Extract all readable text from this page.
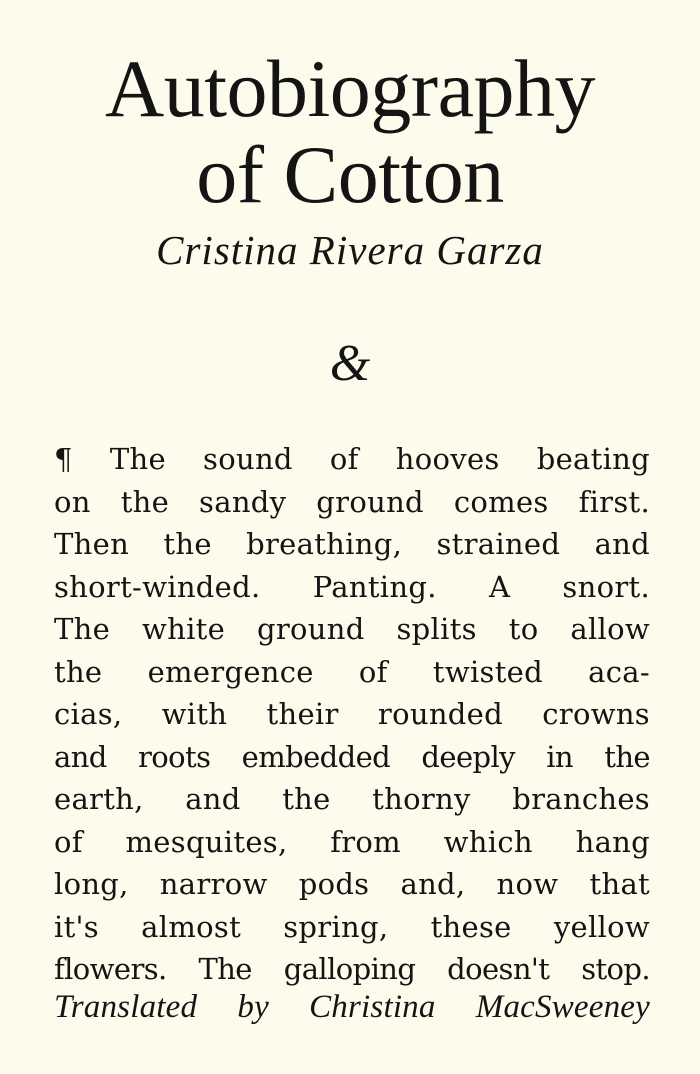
Autobiography
of Cotton
Cristina Rivera Garza
&
¶ The sound of hooves beating
on the sandy ground comes first.
Then the breathing, strained and
short-winded. Panting. A snort.
The white ground splits to allow
the emergence of twisted aca-
cias, with their rounded crowns
and roots embedded deeply in the
earth, and the thorny branches
of mesquites, from which hang
long, narrow pods and, now that
it's almost spring, these yellow
flowers. The galloping doesn't stop.
Translated by Christina MacSweeney
